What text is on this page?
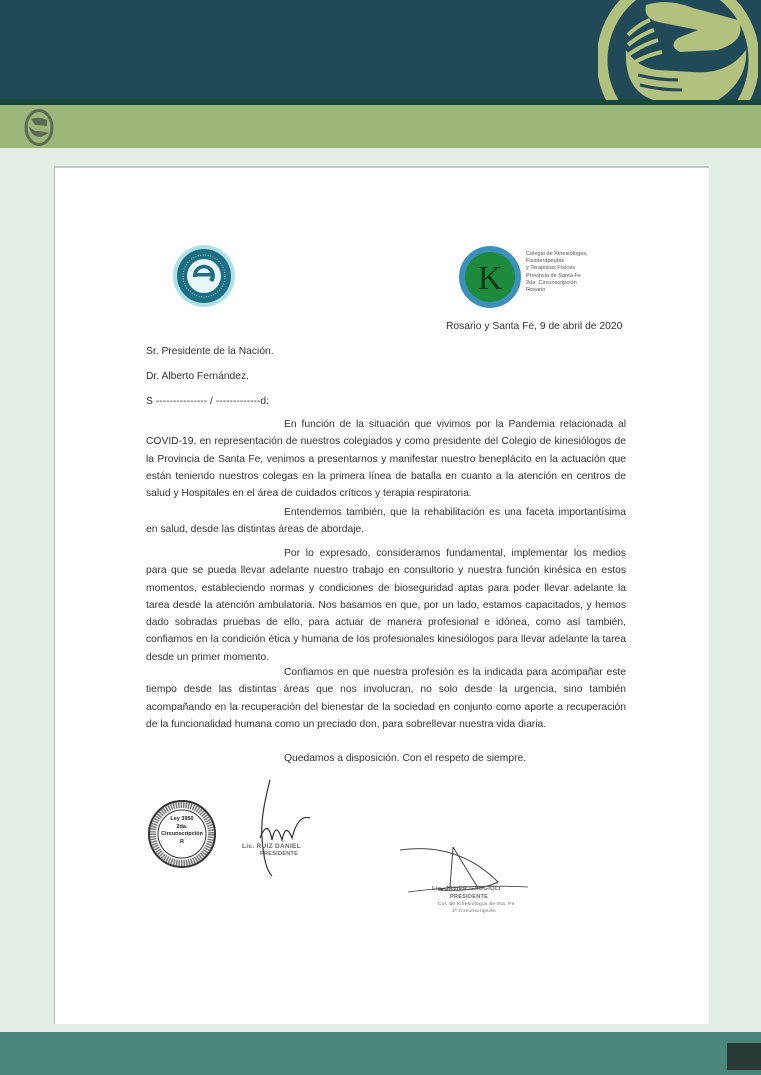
K
Colegio de Kinesiólogos,
Fisioterapeutas
y Terapistas Físicos
Provincia de Santa Fe
2da. Circunscripción
Rosario
Rosario y Santa Fe, 9 de abril de 2020
Sr. Presidente de la Nación.
Dr. Alberto Fernández.
S --------------- / -------------d:
En función de la situación que vivimos por la Pandemia relacionada al COVID-19, en representación de nuestros colegiados y como presidente del Colegio de kinesiólogos de la Provincia de Santa Fe, venimos a presentarnos y manifestar nuestro beneplácito en la actuación que están teniendo nuestros colegas en la primera línea de batalla en cuanto a la atención en centros de salud y Hospitales en el área de cuidados críticos y terapia respiratoria.
Entendemos también, que la rehabilitación es una faceta importantísima en salud, desde las distintas áreas de abordaje.
Por lo expresado, consideramos fundamental, implementar los medios para que se pueda llevar adelante nuestro trabajo en consultorio y nuestra función kinésica en estos momentos, estableciendo normas y condiciones de bioseguridad aptas para poder llevar adelante la tarea desde la atención ambulatoria. Nos basamos en que, por un lado, estamos capacitados, y hemos dado sobradas pruebas de ello, para actuar de manera profesional e idónea, como así también, confiamos en la condición ética y humana de los profesionales kinesiólogos para llevar adelante la tarea desde un primer momento.
Confiamos en que nuestra profesión es la indicada para acompañar este tiempo desde las distintas áreas que nos involucran, no solo desde la urgencia, sino también acompañando en la recuperación del bienestar de la sociedad en conjunto como aporte a recuperación de la funcionalidad humana como un preciado don, para sobrellevar nuestra vida diaria.
Quedamos a disposición. Con el respeto de siempre.
Ley 3950
2da.
Circunscripción
R
Lic. RUIZ DANIEL
PRESIDENTE
Lic. JAVIER GAGGIOLI
PRESIDENTE
Col. de Kinesiólogos de Sta. Fe
1ª Circunscripción
